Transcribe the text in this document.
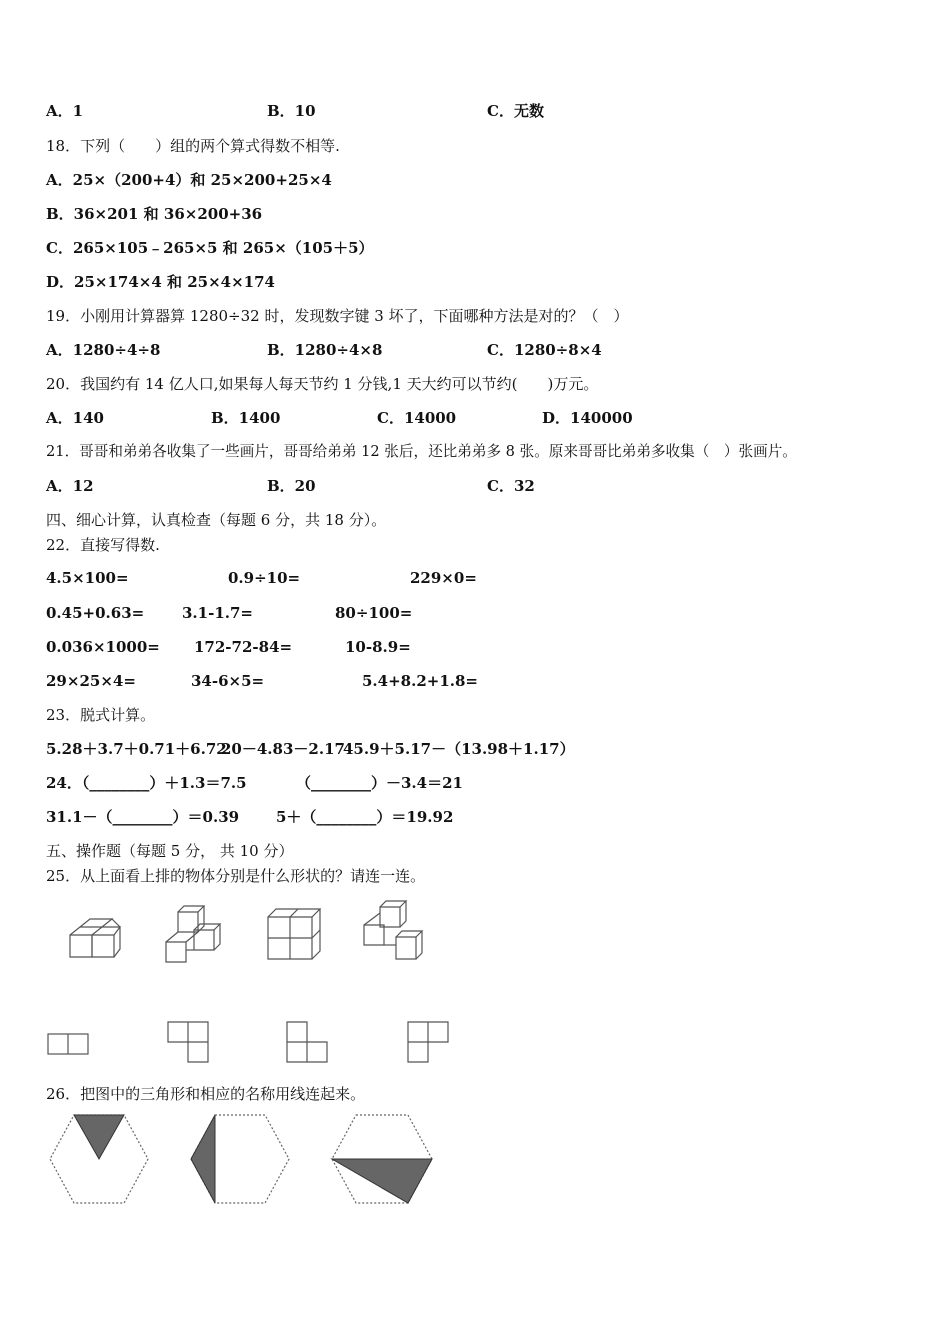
A．1	B．10	C．无数
18．下列（　　）组的两个算式得数不相等.
A．25×（200+4）和 25×200+25×4
B．36×201 和 36×200+36
C．265×105﹣265×5 和 265×（105＋5）
D．25×174×4 和 25×4×174
19．小刚用计算器算 1280÷32 时，发现数字键 3 坏了，下面哪种方法是对的？（　）
A．1280÷4÷8	B．1280÷4×8	C．1280÷8×4
20．我国约有 14 亿人口,如果每人每天节约 1 分钱,1 天大约可以节约(　　)万元。
A．140	B．1400	C．14000	D．140000
21．哥哥和弟弟各收集了一些画片，哥哥给弟弟 12 张后，还比弟弟多 8 张。原来哥哥比弟弟多收集（　）张画片。
A．12	B．20	C．32
四、细心计算，认真检查（每题 6 分，共 18 分）。
22．直接写得数.
4.5×100=	0.9÷10=	229×0=
0.45+0.63=	3.1-1.7=	80÷100=
0.036×1000= 172-72-84=	10-8.9=
29×25×4=	34-6×5=	5.4+8.2+1.8=
23．脱式计算。
5.28＋3.7＋0.71＋6.72
20－4.83－2.17
45.9＋5.17－（13.98＋1.17）
24．（________）＋1.3＝7.5	（________）－3.4＝21
31.1－（________）＝0.39 5＋（________）＝19.92
五、操作题（每题 5 分， 共 10 分）
25．从上面看上排的物体分别是什么形状的？请连一连。
26．把图中的三角形和相应的名称用线连起来。
